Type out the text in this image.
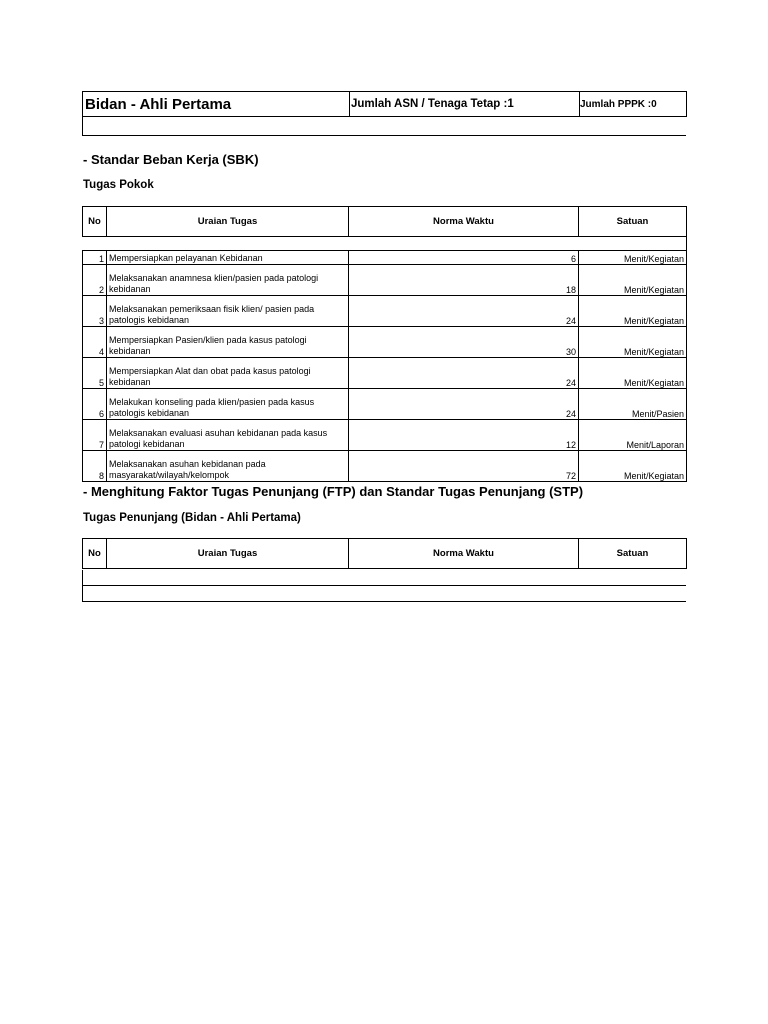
Bidan - Ahli Pertama	Jumlah ASN / Tenaga Tetap :1	Jumlah PPPK :0
- Standar Beban Kerja (SBK)
Tugas Pokok
No	Uraian Tugas	Norma Waktu	Satuan

1	Mempersiapkan pelayanan Kebidanan	6	Menit/Kegiatan
2	Melaksanakan anamnesa klien/pasien pada patologi kebidanan	18	Menit/Kegiatan
3	Melaksanakan pemeriksaan fisik klien/ pasien pada patologis kebidanan	24	Menit/Kegiatan
4	Mempersiapkan Pasien/klien pada kasus patologi kebidanan	30	Menit/Kegiatan
5	Mempersiapkan Alat dan obat pada kasus patologi kebidanan	24	Menit/Kegiatan
6	Melakukan konseling pada klien/pasien pada kasus patologis kebidanan	24	Menit/Pasien
7	Melaksanakan evaluasi asuhan kebidanan pada kasus patologi kebidanan	12	Menit/Laporan
8	Melaksanakan asuhan kebidanan pada masyarakat/wilayah/kelompok	72	Menit/Kegiatan
- Menghitung Faktor Tugas Penunjang (FTP) dan Standar Tugas Penunjang (STP)
Tugas Penunjang (Bidan - Ahli Pertama)
No	Uraian Tugas	Norma Waktu	Satuan
